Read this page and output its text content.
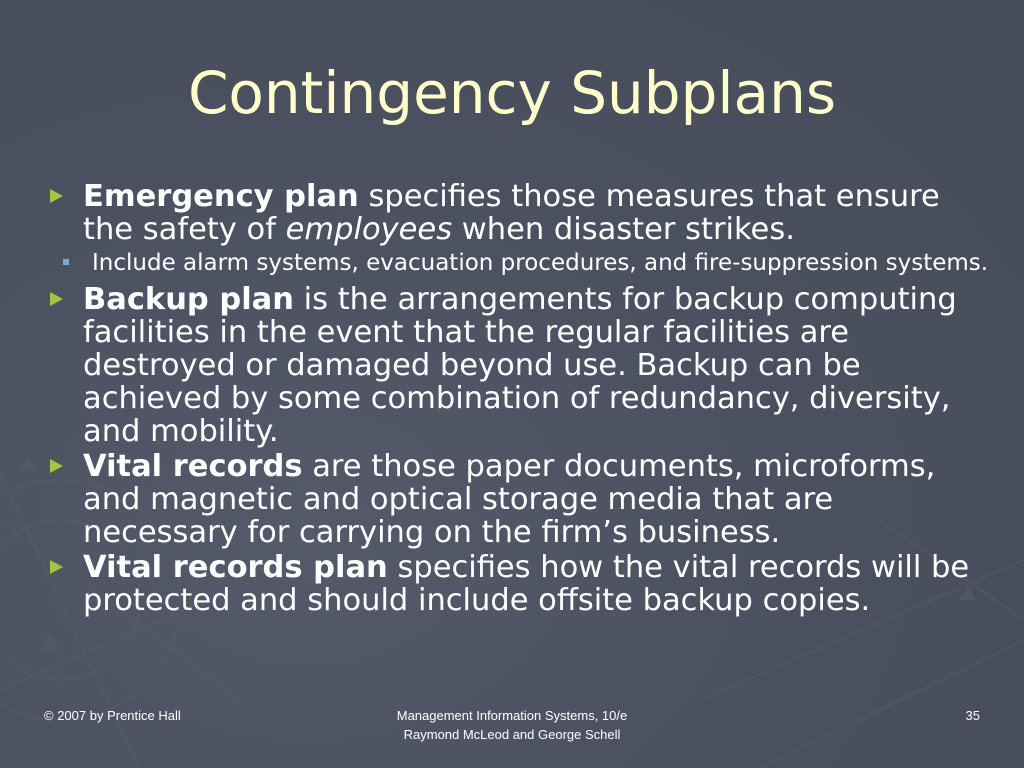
Contingency Subplans
Emergency plan specifies those measures that ensure the safety of employees when disaster strikes.
Include alarm systems, evacuation procedures, and fire-suppression systems.
Backup plan is the arrangements for backup computing facilities in the event that the regular facilities are destroyed or damaged beyond use. Backup can be achieved by some combination of redundancy, diversity, and mobility.
Vital records are those paper documents, microforms, and magnetic and optical storage media that are necessary for carrying on the firm’s business.
Vital records plan specifies how the vital records will be protected and should include offsite backup copies.
© 2007 by Prentice Hall	Management Information Systems, 10/e
Raymond McLeod and George Schell
35
